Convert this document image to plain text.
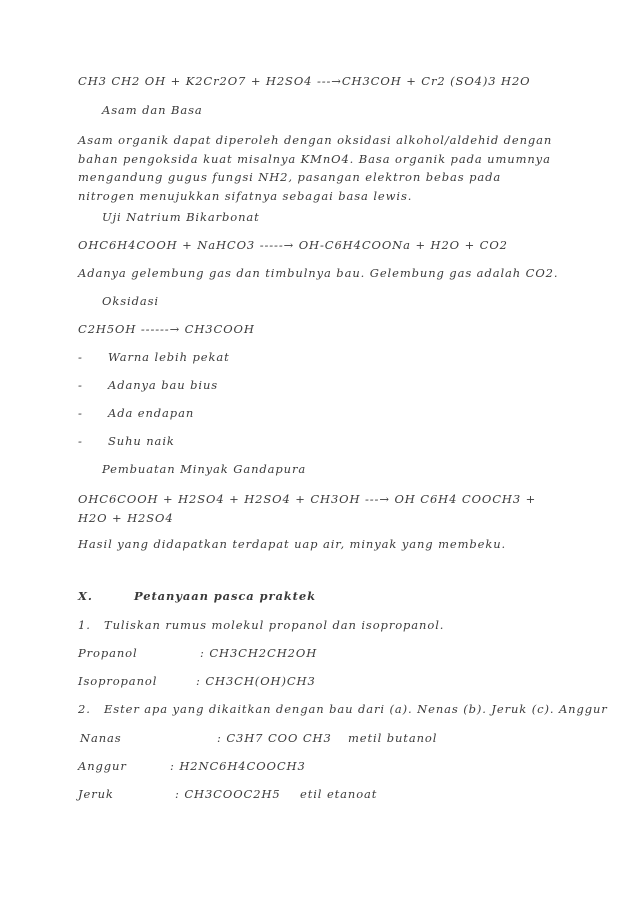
CH3 CH2 OH + K2Cr2O7 + H2SO4 ---→CH3COH + Cr2 (SO4)3 H2O

Asam dan Basa

Asam organik dapat diperoleh dengan oksidasi alkohol/aldehid dengan bahan pengoksida kuat misalnya KMnO4. Basa organik pada umumnya mengandung gugus fungsi NH2, pasangan elektron bebas pada nitrogen menujukkan sifatnya sebagai basa lewis.

Uji Natrium Bikarbonat

OHC6H4COOH + NaHCO3 -----→ OH-C6H4COONa + H2O + CO2

Adanya gelembung gas dan timbulnya bau. Gelembung gas adalah CO2.

Oksidasi

C2H5OH ------→ CH3COOH

- Warna lebih pekat
- Adanya bau bius
- Ada endapan
- Suhu naik

Pembuatan Minyak Gandapura

OHC6COOH + H2SO4 + H2SO4 + CH3OH ---→ OH C6H4 COOCH3 + H2O + H2SO4

Hasil yang didapatkan terdapat uap air, minyak yang membeku.

X.	Petanyaan pasca praktek
1. Tuliskan rumus molekul propanol dan isopropanol.
Propanol	: CH3CH2CH2OH
Isopropanol	: CH3CH(OH)CH3
2. Ester apa yang dikaitkan dengan bau dari (a). Nenas (b). Jeruk (c). Anggur
Nanas	: C3H7 COO CH3 metil butanol
Anggur	: H2NC6H4COOCH3
Jeruk	: CH3COOC2H5 etil etanoat
